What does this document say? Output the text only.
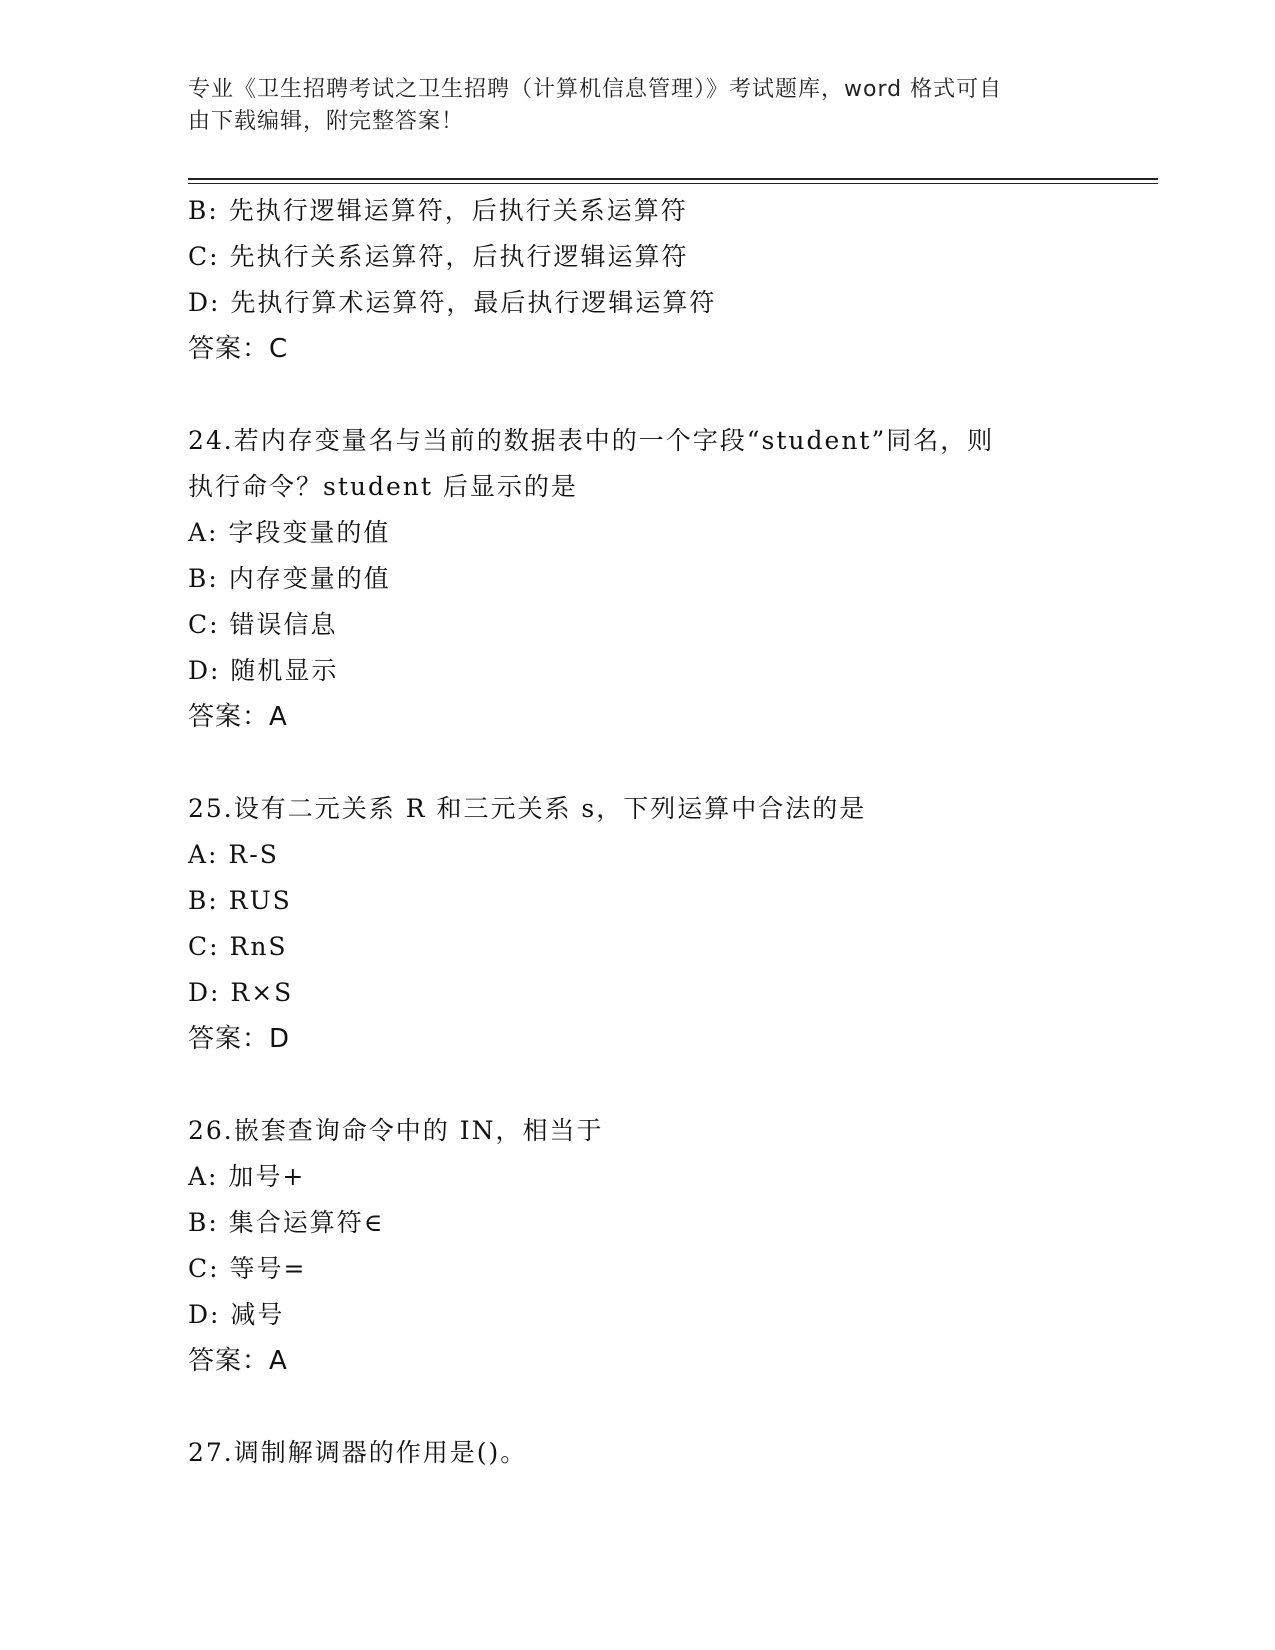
专业《卫生招聘考试之卫生招聘（计算机信息管理）》考试题库，word 格式可自
由下载编辑，附完整答案！
B: 先执行逻辑运算符，后执行关系运算符
C: 先执行关系运算符，后执行逻辑运算符
D: 先执行算术运算符，最后执行逻辑运算符
答案：C
24.若内存变量名与当前的数据表中的一个字段“student”同名，则
执行命令？student 后显示的是
A: 字段变量的值
B: 内存变量的值
C: 错误信息
D: 随机显示
答案：A
25.设有二元关系 R 和三元关系 s，下列运算中合法的是
A: R-S
B: RUS
C: RnS
D: R×S
答案：D
26.嵌套查询命令中的 IN，相当于
A: 加号+
B: 集合运算符∈
C: 等号=
D: 减号
答案：A
27.调制解调器的作用是()。
